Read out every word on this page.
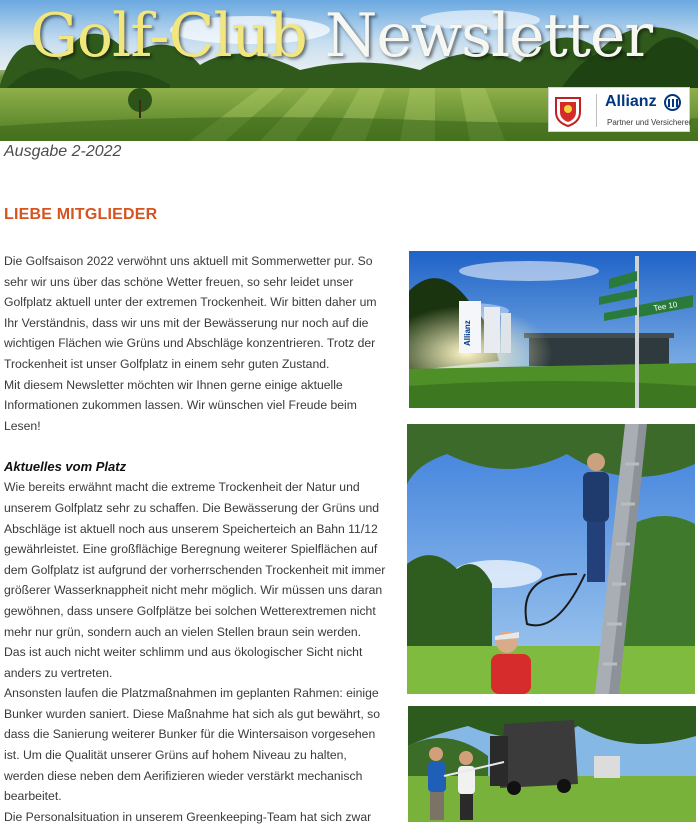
Golf-Club Newsletter
Allianz
Partner und Versicherer
Ausgabe 2-2022
LIEBE MITGLIEDER

Die Golfsaison 2022 verwöhnt uns aktuell mit Sommerwetter pur. So sehr wir uns über das schöne Wetter freuen, so sehr leidet unser Golfplatz aktuell unter der extremen Trockenheit. Wir bitten daher um Ihr Verständnis, dass wir uns mit der Bewässerung nur noch auf die wichtigen Flächen wie Grüns und Abschläge konzentrieren. Trotz der Trockenheit ist unser Golfplatz in einem sehr guten Zustand.

Mit diesem Newsletter möchten wir Ihnen gerne einige aktuelle Informationen zukommen lassen. Wir wünschen viel Freude beim Lesen!

Aktuelles vom Platz

Wie bereits erwähnt macht die extreme Trockenheit der Natur und unserem Golfplatz sehr zu schaffen. Die Bewässerung der Grüns und Abschläge ist aktuell noch aus unserem Speicherteich an Bahn 11/12 gewährleistet. Eine großflächige Beregnung weiterer Spielflächen auf dem Golfplatz ist aufgrund der vorherrschenden Trockenheit mit immer größerer Wasserknappheit nicht mehr möglich. Wir müssen uns daran gewöhnen, dass unsere Golfplätze bei solchen Wetterextremen nicht mehr nur grün, sondern auch an vielen Stellen braun sein werden. Das ist auch nicht weiter schlimm und aus ökologischer Sicht nicht anders zu vertreten.

Ansonsten laufen die Platzmaßnahmen im geplanten Rahmen: einige Bunker wurden saniert. Diese Maßnahme hat sich als gut bewährt, so dass die Sanierung weiterer Bunker für die Wintersaison vorgesehen ist. Um die Qualität unserer Grüns auf hohem Niveau zu halten, werden diese neben dem Aerifizieren wieder verstärkt mechanisch bearbeitet.

Die Personalsituation in unserem Greenkeeping-Team hat sich zwar

Allianz
Tee 10
